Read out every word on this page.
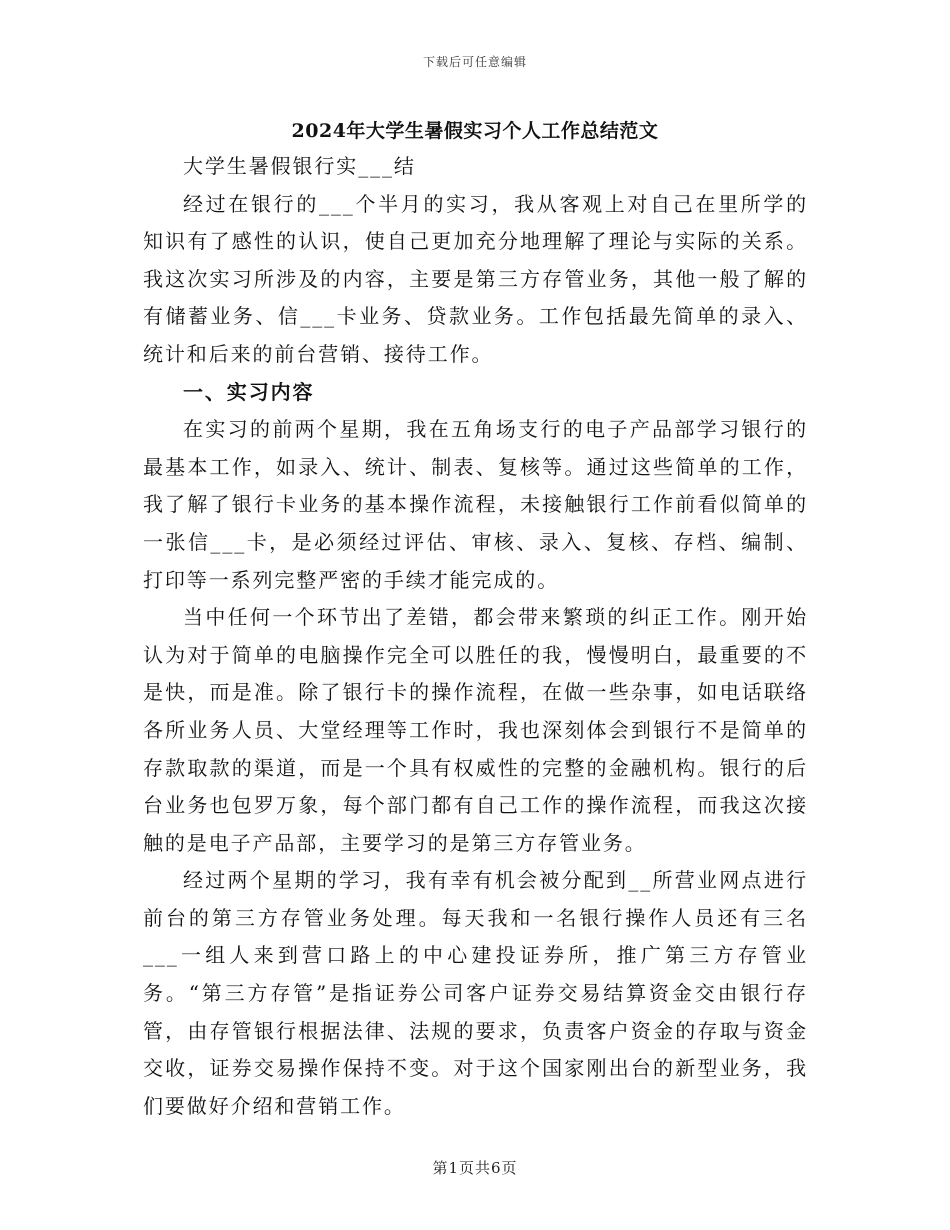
下载后可任意编辑
2024年大学生暑假实习个人工作总结范文

大学生暑假银行实___结

经过在银行的___个半月的实习，我从客观上对自己在里所学的知识有了感性的认识，使自己更加充分地理解了理论与实际的关系。我这次实习所涉及的内容，主要是第三方存管业务，其他一般了解的有储蓄业务、信___卡业务、贷款业务。工作包括最先简单的录入、统计和后来的前台营销、接待工作。

一、实习内容

在实习的前两个星期，我在五角场支行的电子产品部学习银行的最基本工作，如录入、统计、制表、复核等。通过这些简单的工作，我了解了银行卡业务的基本操作流程，未接触银行工作前看似简单的一张信___卡，是必须经过评估、审核、录入、复核、存档、编制、打印等一系列完整严密的手续才能完成的。

当中任何一个环节出了差错，都会带来繁琐的纠正工作。刚开始认为对于简单的电脑操作完全可以胜任的我，慢慢明白，最重要的不是快，而是准。除了银行卡的操作流程，在做一些杂事，如电话联络各所业务人员、大堂经理等工作时，我也深刻体会到银行不是简单的存款取款的渠道，而是一个具有权威性的完整的金融机构。银行的后台业务也包罗万象，每个部门都有自己工作的操作流程，而我这次接触的是电子产品部，主要学习的是第三方存管业务。

经过两个星期的学习，我有幸有机会被分配到__所营业网点进行前台的第三方存管业务处理。每天我和一名银行操作人员还有三名___一组人来到营口路上的中心建投证券所，推广第三方存管业务。“第三方存管”是指证券公司客户证券交易结算资金交由银行存管，由存管银行根据法律、法规的要求，负责客户资金的存取与资金交收，证券交易操作保持不变。对于这个国家刚出台的新型业务，我们要做好介绍和营销工作。

第1页共6页
